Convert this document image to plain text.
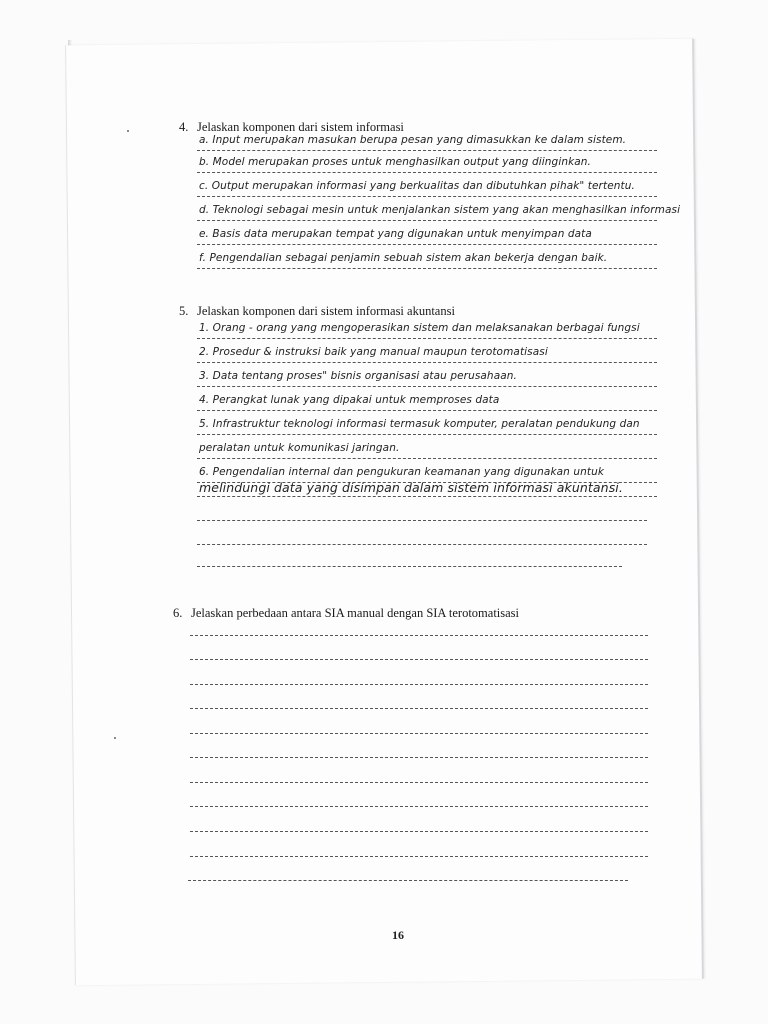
4. Jelaskan komponen dari sistem informasi
a. Input merupakan masukan berupa pesan yang dimasukkan ke dalam sistem.
b. Model merupakan proses untuk menghasilkan output yang diinginkan.
c. Output merupakan informasi yang berkualitas dan dibutuhkan pihak" tertentu.
d. Teknologi sebagai mesin untuk menjalankan sistem yang akan menghasilkan informasi
e. Basis data merupakan tempat yang digunakan untuk menyimpan data
f. Pengendalian sebagai penjamin sebuah sistem akan bekerja dengan baik.
5. Jelaskan komponen dari sistem informasi akuntansi
1. Orang - orang yang mengoperasikan sistem dan melaksanakan berbagai fungsi
2. Prosedur & instruksi baik yang manual maupun terotomatisasi
3. Data tentang proses" bisnis organisasi atau perusahaan.
4. Perangkat lunak yang dipakai untuk memproses data
5. Infrastruktur teknologi informasi termasuk komputer, peralatan pendukung dan
peralatan untuk komunikasi jaringan.
6. Pengendalian internal dan pengukuran keamanan yang digunakan untuk
melindungi data yang disimpan dalam sistem informasi akuntansi.
6. Jelaskan perbedaan antara SIA manual dengan SIA terotomatisasi
16
